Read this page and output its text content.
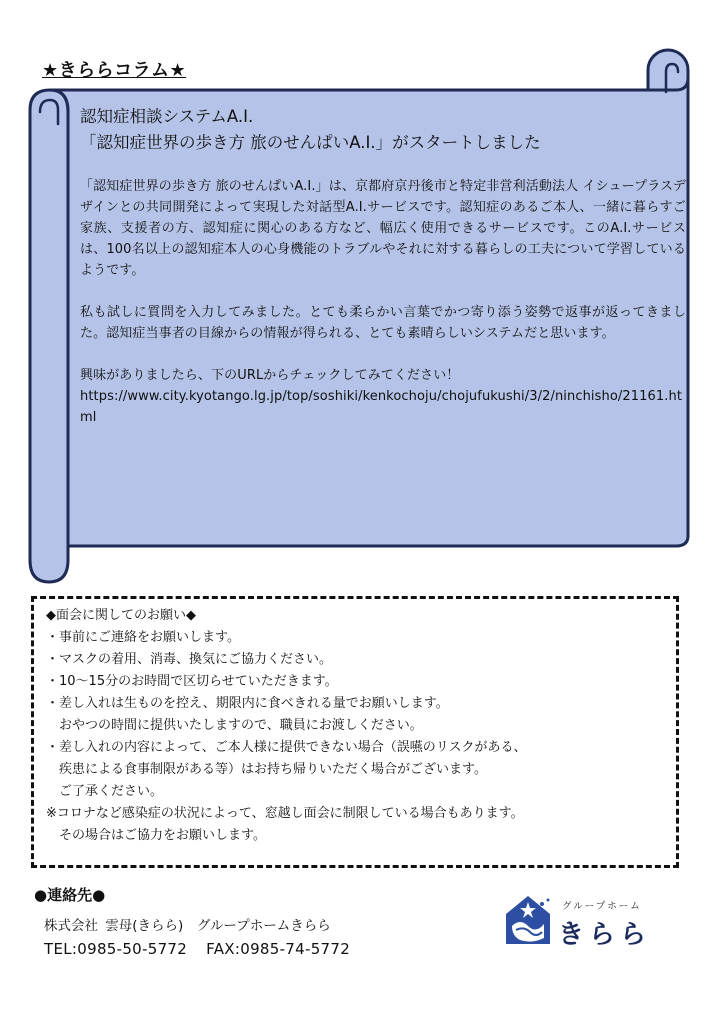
★きららコラム★
認知症相談システムA.I.
「認知症世界の歩き方 旅のせんぱいA.I.」がスタートしました

「認知症世界の歩き方 旅のせんぱいA.I.」は、京都府京丹後市と特定非営利活動法人 イシュープラスデザインとの共同開発によって実現した対話型A.I.サービスです。認知症のあるご本人、一緒に暮らすご家族、支援者の方、認知症に関心のある方など、幅広く使用できるサービスです。このA.I.サービスは、100名以上の認知症本人の心身機能のトラブルやそれに対する暮らしの工夫について学習しているようです。

私も試しに質問を入力してみました。とても柔らかい言葉でかつ寄り添う姿勢で返事が返ってきました。認知症当事者の目線からの情報が得られる、とても素晴らしいシステムだと思います。

興味がありましたら、下のURLからチェックしてみてください！
https://www.city.kyotango.lg.jp/top/soshiki/kenkochoju/chojufukushi/3/2/ninchisho/21161.html

◆面会に関してのお願い◆
・事前にご連絡をお願いします。
・マスクの着用、消毒、換気にご協力ください。
・10～15分のお時間で区切らせていただきます。
・差し入れは生ものを控え、期限内に食べきれる量でお願いします。
　おやつの時間に提供いたしますので、職員にお渡しください。
・差し入れの内容によって、ご本人様に提供できない場合（誤嚥のリスクがある、
　疾患による食事制限がある等）はお持ち帰りいただく場合がございます。
　ご了承ください。
※コロナなど感染症の状況によって、窓越し面会に制限している場合もあります。
　その場合はご協力をお願いします。
●連絡先●
株式会社 雲母(きらら)　グループホームきらら
TEL:0985-50-5772 FAX:0985-74-5772
グループホーム
きらら
